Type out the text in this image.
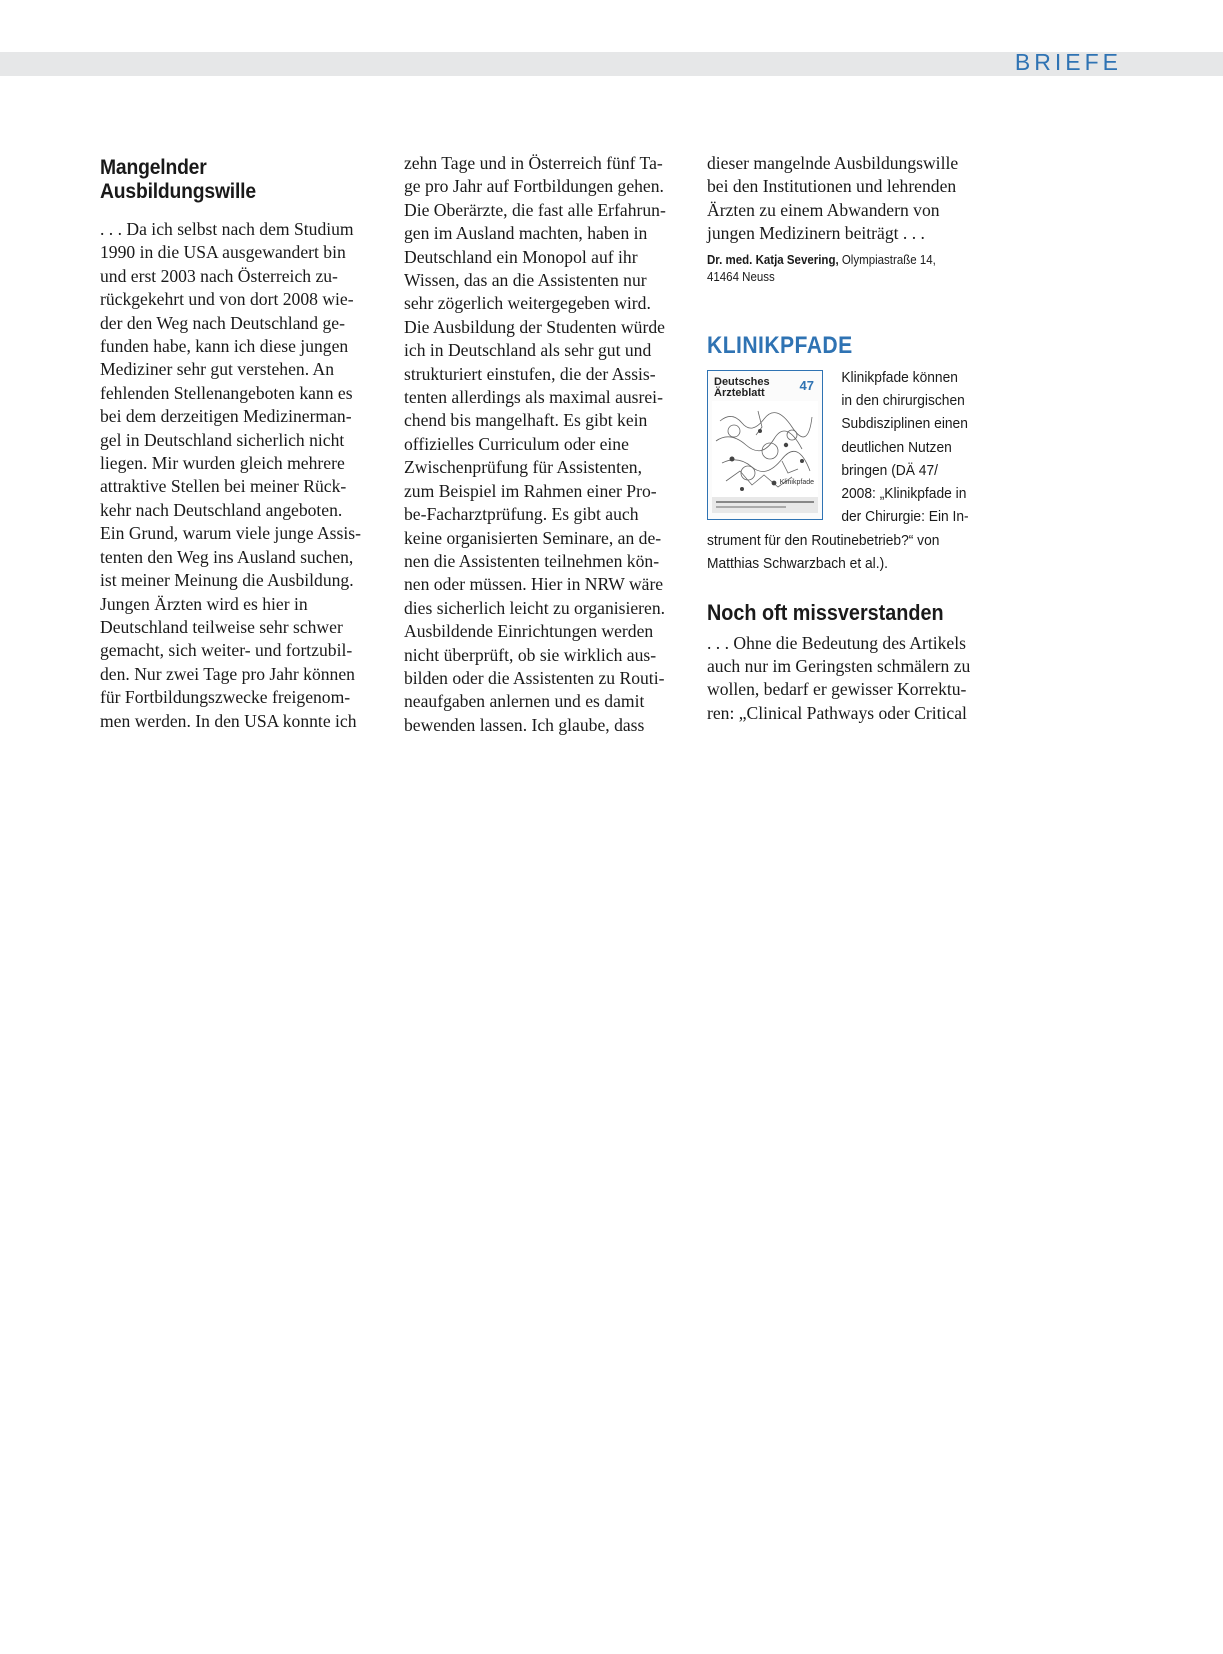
BRIEFE
Mangelnder
Ausbildungswille
. . . Da ich selbst nach dem Studium
1990 in die USA ausgewandert bin
und erst 2003 nach Österreich zu-
rückgekehrt und von dort 2008 wie-
der den Weg nach Deutschland ge-
funden habe, kann ich diese jungen
Mediziner sehr gut verstehen. An
fehlenden Stellenangeboten kann es
bei dem derzeitigen Medizinerman-
gel in Deutschland sicherlich nicht
liegen. Mir wurden gleich mehrere
attraktive Stellen bei meiner Rück-
kehr nach Deutschland angeboten.
Ein Grund, warum viele junge Assis-
tenten den Weg ins Ausland suchen,
ist meiner Meinung die Ausbildung.
Jungen Ärzten wird es hier in
Deutschland teilweise sehr schwer
gemacht, sich weiter- und fortzubil-
den. Nur zwei Tage pro Jahr können
für Fortbildungszwecke freigenom-
men werden. In den USA konnte ich
zehn Tage und in Österreich fünf Ta-
ge pro Jahr auf Fortbildungen gehen.
Die Oberärzte, die fast alle Erfahrun-
gen im Ausland machten, haben in
Deutschland ein Monopol auf ihr
Wissen, das an die Assistenten nur
sehr zögerlich weitergegeben wird.
Die Ausbildung der Studenten würde
ich in Deutschland als sehr gut und
strukturiert einstufen, die der Assis-
tenten allerdings als maximal ausrei-
chend bis mangelhaft. Es gibt kein
offizielles Curriculum oder eine
Zwischenprüfung für Assistenten,
zum Beispiel im Rahmen einer Pro-
be-Facharztprüfung. Es gibt auch
keine organisierten Seminare, an de-
nen die Assistenten teilnehmen kön-
nen oder müssen. Hier in NRW wäre
dies sicherlich leicht zu organisieren.
Ausbildende Einrichtungen werden
nicht überprüft, ob sie wirklich aus-
bilden oder die Assistenten zu Routi-
neaufgaben anlernen und es damit
bewenden lassen. Ich glaube, dass
dieser mangelnde Ausbildungswille
bei den Institutionen und lehrenden
Ärzten zu einem Abwandern von
jungen Medizinern beiträgt . . .
Dr. med. Katja Severing, Olympiastraße 14,
41464 Neuss
KLINIKPFADE
Deutsches
Ärzteblatt	47
Klinikpfade
Klinikpfade können
in den chirurgischen
Subdisziplinen einen
deutlichen Nutzen
bringen (DÄ 47/
2008: „Klinikpfade in
der Chirurgie: Ein In-
strument für den Routinebetrieb?“ von
Matthias Schwarzbach et al.).
Noch oft missverstanden
. . . Ohne die Bedeutung des Artikels
auch nur im Geringsten schmälern zu
wollen, bedarf er gewisser Korrektu-
ren: „Clinical Pathways oder Critical
